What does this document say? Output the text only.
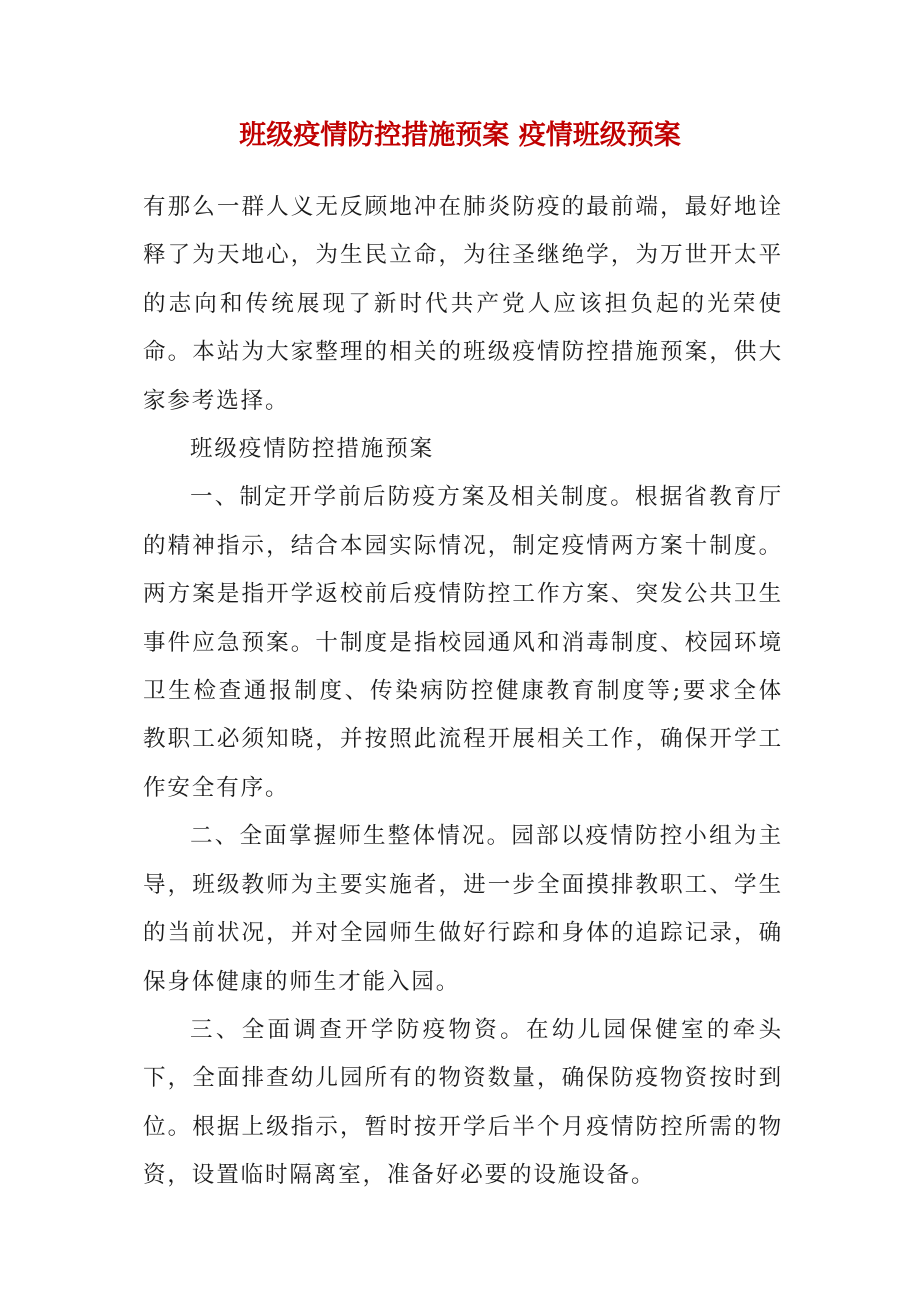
班级疫情防控措施预案 疫情班级预案

有那么一群人义无反顾地冲在肺炎防疫的最前端，最好地诠释了为天地心，为生民立命，为往圣继绝学，为万世开太平的志向和传统展现了新时代共产党人应该担负起的光荣使命。本站为大家整理的相关的班级疫情防控措施预案，供大家参考选择。

班级疫情防控措施预案

一、制定开学前后防疫方案及相关制度。根据省教育厅的精神指示，结合本园实际情况，制定疫情两方案十制度。两方案是指开学返校前后疫情防控工作方案、突发公共卫生事件应急预案。十制度是指校园通风和消毒制度、校园环境卫生检查通报制度、传染病防控健康教育制度等;要求全体教职工必须知晓，并按照此流程开展相关工作，确保开学工作安全有序。

二、全面掌握师生整体情况。园部以疫情防控小组为主导，班级教师为主要实施者，进一步全面摸排教职工、学生的当前状况，并对全园师生做好行踪和身体的追踪记录，确保身体健康的师生才能入园。

三、全面调查开学防疫物资。在幼儿园保健室的牵头下，全面排查幼儿园所有的物资数量，确保防疫物资按时到位。根据上级指示，暂时按开学后半个月疫情防控所需的物资，设置临时隔离室，准备好必要的设施设备。
